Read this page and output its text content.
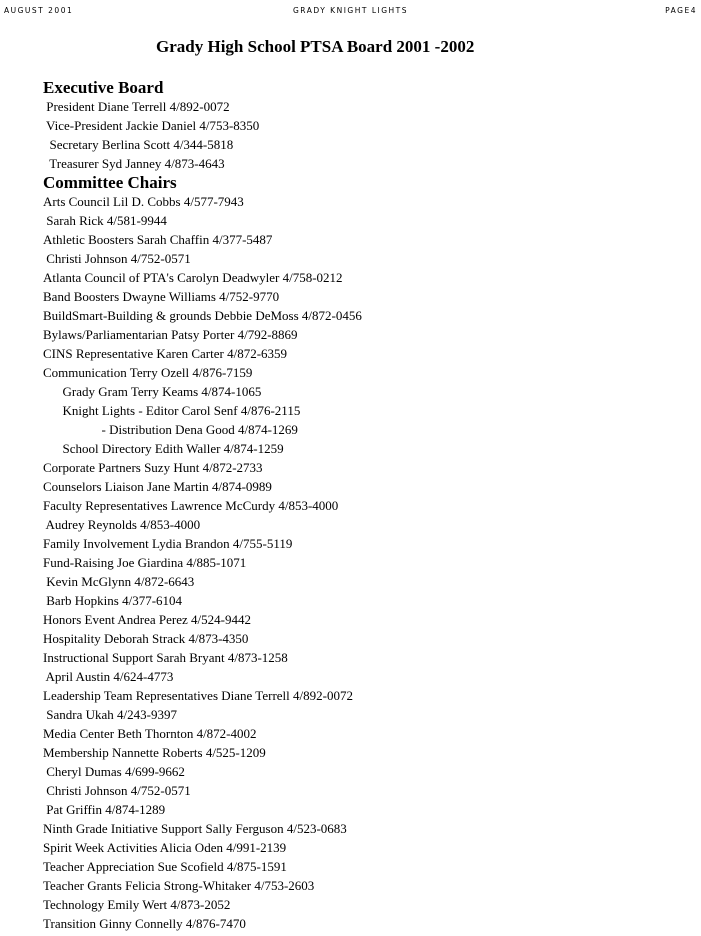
AUGUST 2001	GRADY KNIGHT LIGHTS	PAGE4
Grady High School PTSA Board 2001 -2002
Executive Board
President Diane Terrell 4/892-0072
Vice-President Jackie Daniel 4/753-8350
Secretary Berlina Scott 4/344-5818
Treasurer Syd Janney 4/873-4643
Committee Chairs
Arts Council Lil D. Cobbs 4/577-7943
Sarah Rick 4/581-9944
Athletic Boosters Sarah Chaffin 4/377-5487
Christi Johnson 4/752-0571
Atlanta Council of PTA's Carolyn Deadwyler 4/758-0212
Band Boosters Dwayne Williams 4/752-9770
BuildSmart-Building & grounds Debbie DeMoss 4/872-0456
Bylaws/Parliamentarian Patsy Porter 4/792-8869
CINS Representative Karen Carter 4/872-6359
Communication Terry Ozell 4/876-7159
Grady Gram Terry Keams 4/874-1065
Knight Lights - Editor Carol Senf 4/876-2115
- Distribution Dena Good 4/874-1269
School Directory Edith Waller 4/874-1259
Corporate Partners Suzy Hunt 4/872-2733
Counselors Liaison Jane Martin 4/874-0989
Faculty Representatives Lawrence McCurdy 4/853-4000
Audrey Reynolds 4/853-4000
Family Involvement Lydia Brandon 4/755-5119
Fund-Raising Joe Giardina 4/885-1071
Kevin McGlynn 4/872-6643
Barb Hopkins 4/377-6104
Honors Event Andrea Perez 4/524-9442
Hospitality Deborah Strack 4/873-4350
Instructional Support Sarah Bryant 4/873-1258
April Austin 4/624-4773
Leadership Team Representatives Diane Terrell 4/892-0072
Sandra Ukah 4/243-9397
Media Center Beth Thornton 4/872-4002
Membership Nannette Roberts 4/525-1209
Cheryl Dumas 4/699-9662
Christi Johnson 4/752-0571
Pat Griffin 4/874-1289
Ninth Grade Initiative Support Sally Ferguson 4/523-0683
Spirit Week Activities Alicia Oden 4/991-2139
Teacher Appreciation Sue Scofield 4/875-1591
Teacher Grants Felicia Strong-Whitaker 4/753-2603
Technology Emily Wert 4/873-2052
Transition Ginny Connelly 4/876-7470
